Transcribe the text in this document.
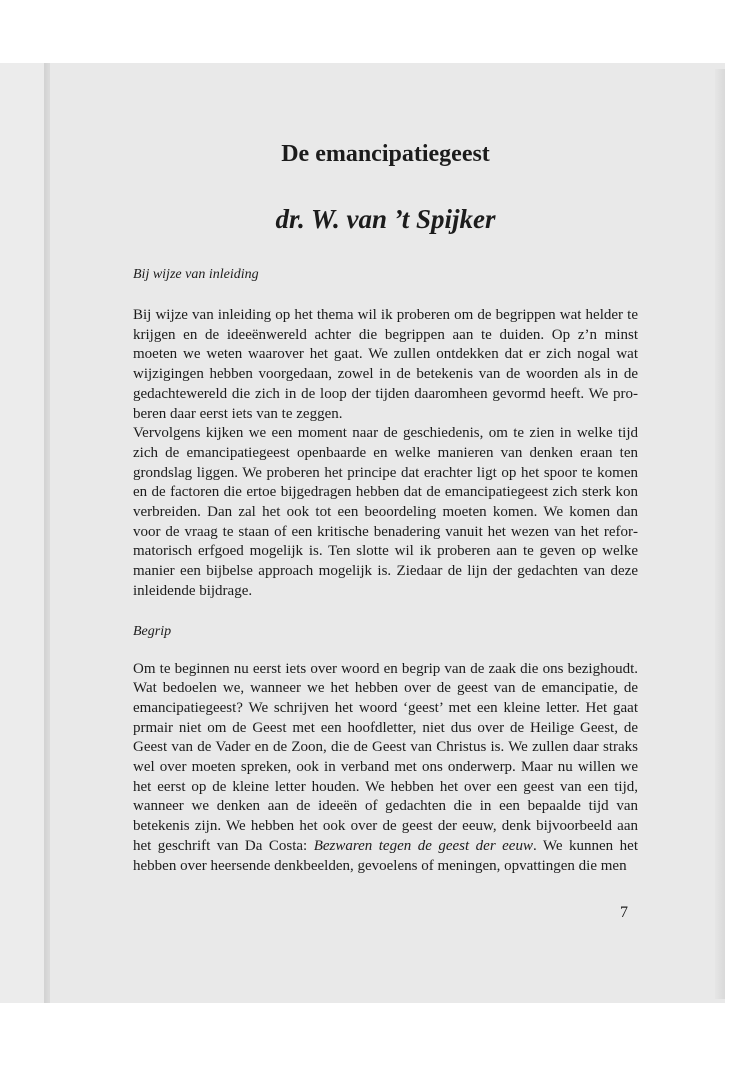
De emancipatiegeest
dr. W. van ’t Spijker

Bij wijze van inleiding

Bij wijze van inleiding op het thema wil ik proberen om de begrippen wat helder te krijgen en de ideeënwereld achter die begrippen aan te duiden. Op z’n minst moeten we weten waarover het gaat. We zullen ontdekken dat er zich nogal wat wijzigingen hebben voorgedaan, zowel in de betekenis van de woorden als in de gedachtewereld die zich in de loop der tijden daaromheen gevormd heeft. We proberen daar eerst iets van te zeggen.

Vervolgens kijken we een moment naar de geschiedenis, om te zien in welke tijd zich de emancipatiegeest openbaarde en welke manieren van denken eraan ten grondslag liggen. We proberen het principe dat erachter ligt op het spoor te komen en de factoren die ertoe bijgedragen hebben dat de emancipatiegeest zich sterk kon verbreiden. Dan zal het ook tot een beoordeling moeten komen. We komen dan voor de vraag te staan of een kritische benadering vanuit het wezen van het reformatorisch erfgoed mogelijk is. Ten slotte wil ik proberen aan te geven op welke manier een bijbelse approach mogelijk is. Ziedaar de lijn der gedachten van deze inleidende bijdrage.

Begrip

Om te beginnen nu eerst iets over woord en begrip van de zaak die ons bezighoudt. Wat bedoelen we, wanneer we het hebben over de geest van de emancipatie, de emancipatiegeest? We schrijven het woord ‘geest’ met een kleine letter. Het gaat prmair niet om de Geest met een hoofdletter, niet dus over de Heilige Geest, de Geest van de Vader en de Zoon, die de Geest van Christus is. We zullen daar straks wel over moeten spreken, ook in verband met ons onderwerp. Maar nu willen we het eerst op de kleine letter houden. We hebben het over een geest van een tijd, wanneer we denken aan de ideeën of gedachten die in een bepaalde tijd van betekenis zijn. We hebben het ook over de geest der eeuw, denk bijvoorbeeld aan het geschrift van Da Costa: Bezwaren tegen de geest der eeuw. We kunnen het hebben over heersende denkbeelden, gevoelens of meningen, opvattingen die men

7
